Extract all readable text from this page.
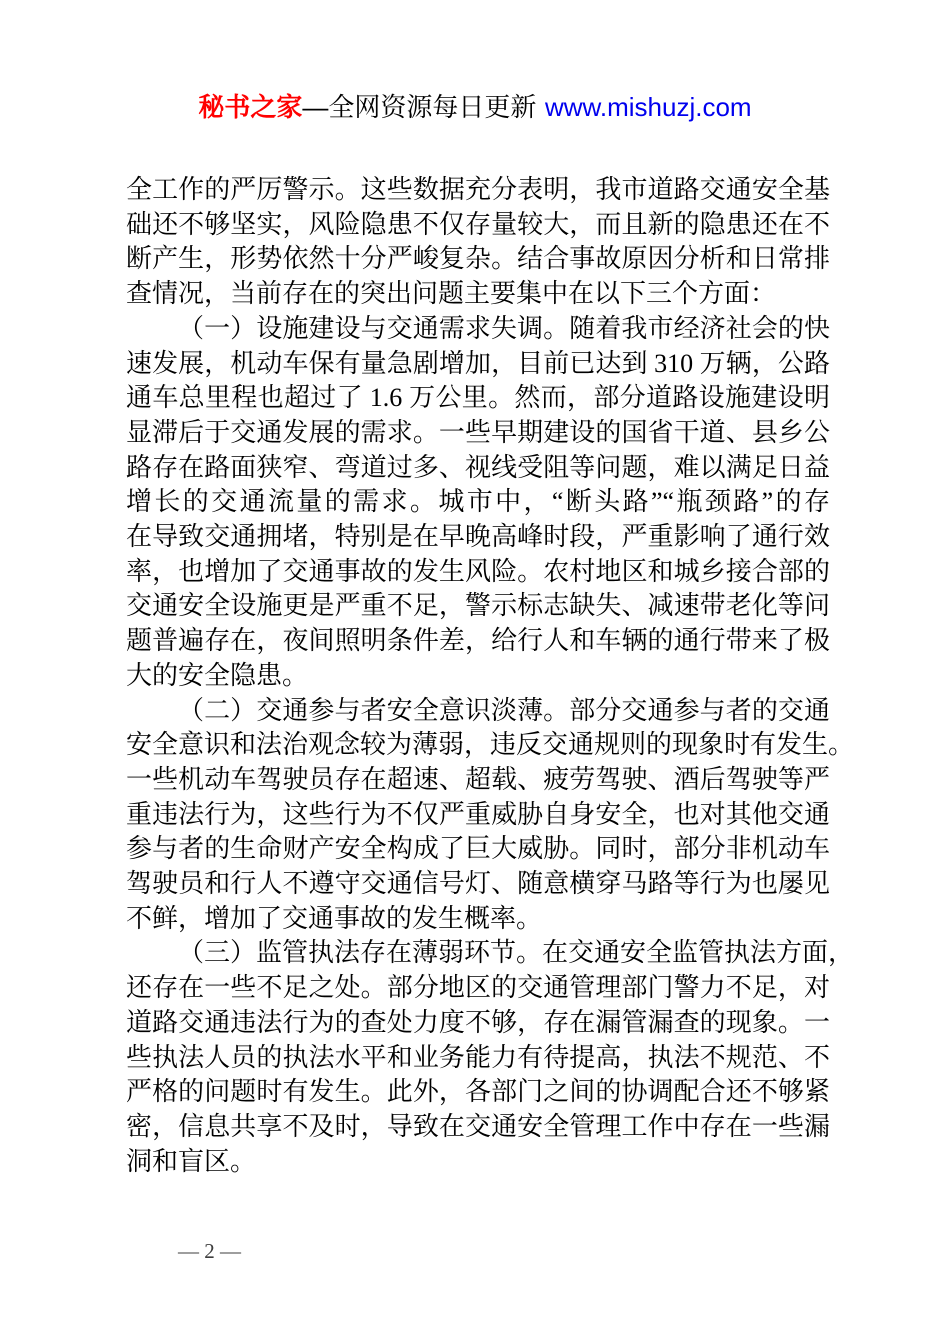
秘书之家—全网资源每日更新 www.mishuzj.com
全工作的严厉警示。这些数据充分表明，我市道路交通安全基
础还不够坚实，风险隐患不仅存量较大，而且新的隐患还在不
断产生，形势依然十分严峻复杂。结合事故原因分析和日常排
查情况，当前存在的突出问题主要集中在以下三个方面：
（一）设施建设与交通需求失调。随着我市经济社会的快
速发展，机动车保有量急剧增加，目前已达到 310 万辆，公路
通车总里程也超过了 1.6 万公里。然而，部分道路设施建设明
显滞后于交通发展的需求。一些早期建设的国省干道、县乡公
路存在路面狭窄、弯道过多、视线受阻等问题，难以满足日益
增长的交通流量的需求。城市中，“断头路”“瓶颈路”的存
在导致交通拥堵，特别是在早晚高峰时段，严重影响了通行效
率，也增加了交通事故的发生风险。农村地区和城乡接合部的
交通安全设施更是严重不足，警示标志缺失、减速带老化等问
题普遍存在，夜间照明条件差，给行人和车辆的通行带来了极
大的安全隐患。
（二）交通参与者安全意识淡薄。部分交通参与者的交通
安全意识和法治观念较为薄弱，违反交通规则的现象时有发生。
一些机动车驾驶员存在超速、超载、疲劳驾驶、酒后驾驶等严
重违法行为，这些行为不仅严重威胁自身安全，也对其他交通
参与者的生命财产安全构成了巨大威胁。同时，部分非机动车
驾驶员和行人不遵守交通信号灯、随意横穿马路等行为也屡见
不鲜，增加了交通事故的发生概率。
（三）监管执法存在薄弱环节。在交通安全监管执法方面，
还存在一些不足之处。部分地区的交通管理部门警力不足，对
道路交通违法行为的查处力度不够，存在漏管漏查的现象。一
些执法人员的执法水平和业务能力有待提高，执法不规范、不
严格的问题时有发生。此外，各部门之间的协调配合还不够紧
密，信息共享不及时，导致在交通安全管理工作中存在一些漏
洞和盲区。
— 2 —
